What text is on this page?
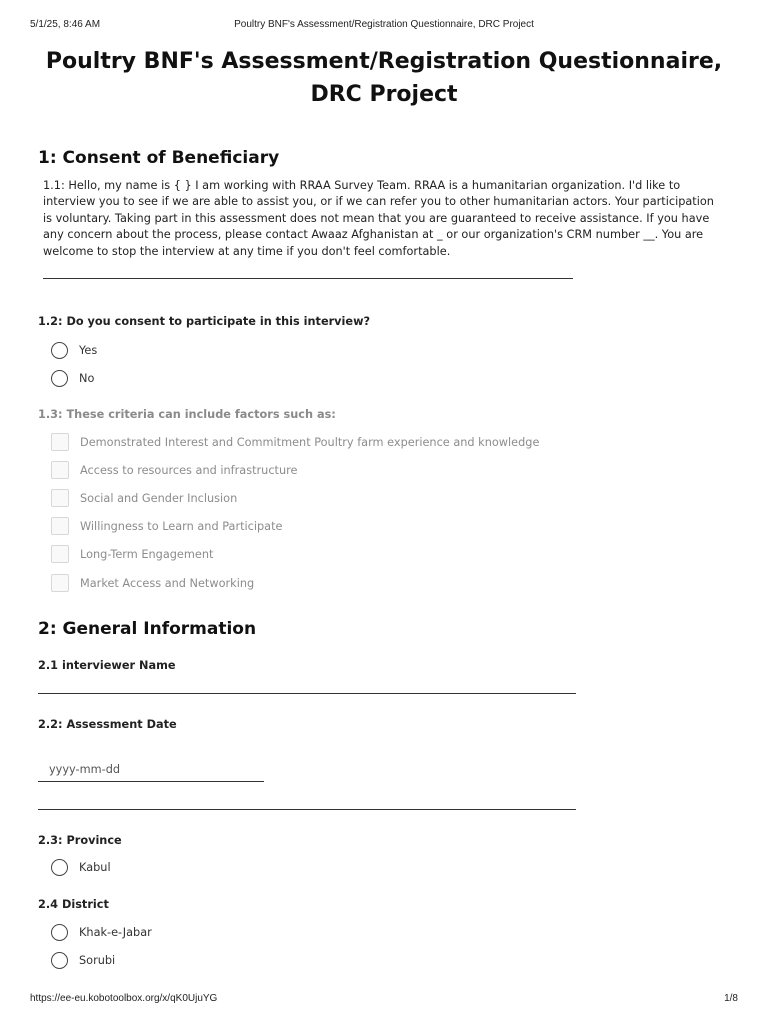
5/1/25, 8:46 AM	Poultry BNF's Assessment/Registration Questionnaire, DRC Project
Poultry BNF's Assessment/Registration Questionnaire, DRC Project
1: Consent of Beneficiary
1.1: Hello, my name is { } I am working with RRAA Survey Team. RRAA is a humanitarian organization. I'd like to interview you to see if we are able to assist you, or if we can refer you to other humanitarian actors. Your participation is voluntary. Taking part in this assessment does not mean that you are guaranteed to receive assistance. If you have any concern about the process, please contact Awaaz Afghanistan at _ or our organization's CRM number __. You are welcome to stop the interview at any time if you don't feel comfortable.
1.2: Do you consent to participate in this interview?
Yes
No
1.3: These criteria can include factors such as:
Demonstrated Interest and Commitment Poultry farm experience and knowledge
Access to resources and infrastructure
Social and Gender Inclusion
Willingness to Learn and Participate
Long-Term Engagement
Market Access and Networking
2: General Information
2.1 interviewer Name
2.2: Assessment Date
yyyy-mm-dd
2.3: Province
Kabul
2.4 District
Khak-e-Jabar
Sorubi
https://ee-eu.kobotoolbox.org/x/qK0UjuYG	1/8
